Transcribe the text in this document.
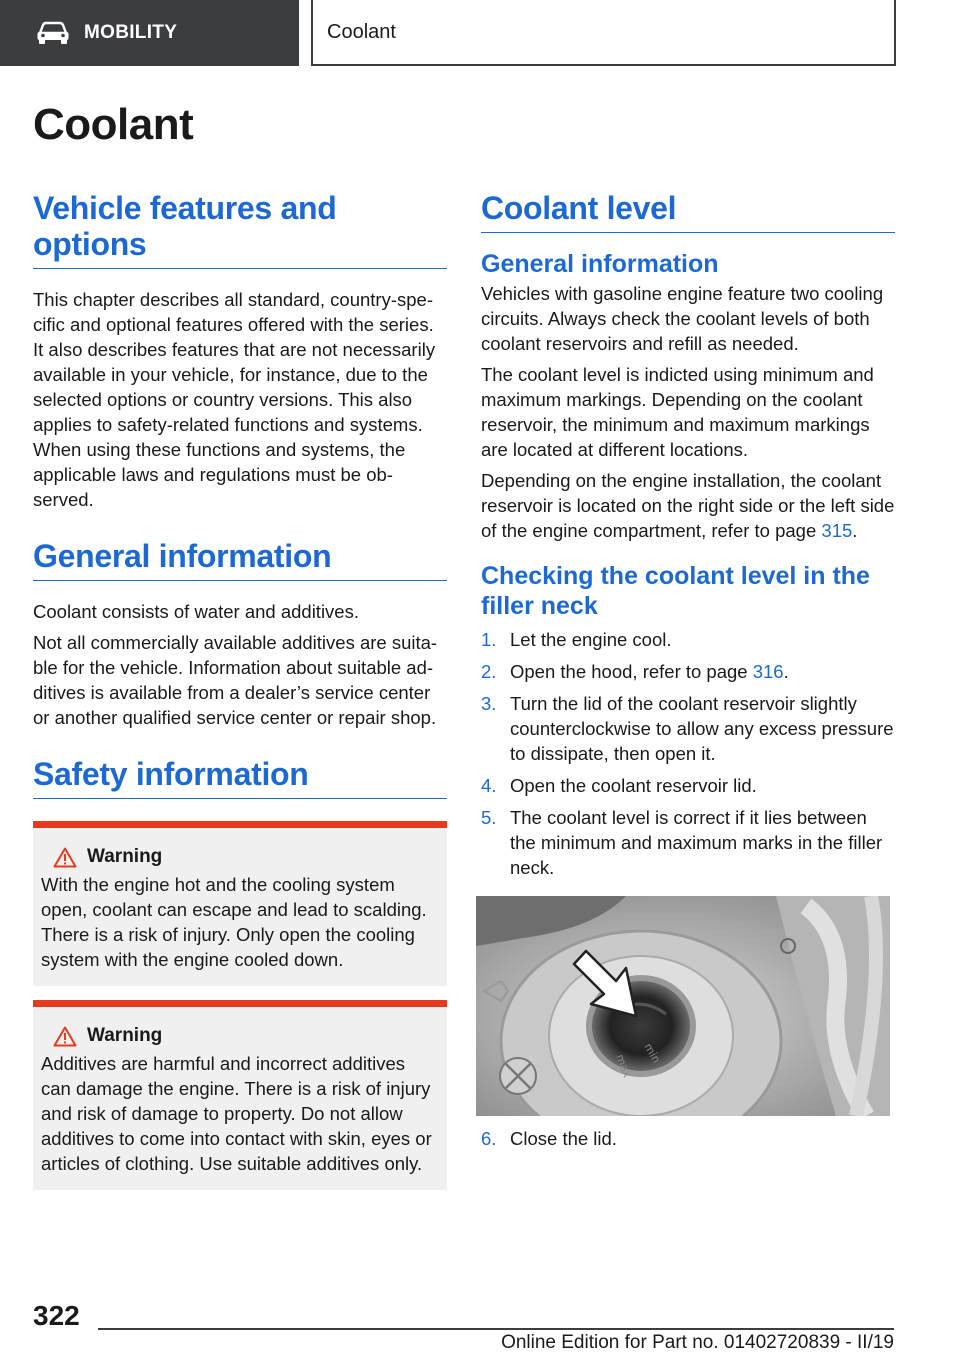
MOBILITY	Coolant
Coolant
Vehicle features and options

This chapter describes all standard, country-specific and optional features offered with the series. It also describes features that are not necessarily available in your vehicle, for instance, due to the selected options or country versions. This also applies to safety-related functions and systems. When using these functions and systems, the applicable laws and regulations must be observed.

General information

Coolant consists of water and additives.

Not all commercially available additives are suitable for the vehicle. Information about suitable additives is available from a dealer’s service center or another qualified service center or repair shop.

Safety information
Warning

With the engine hot and the cooling system open, coolant can escape and lead to scalding. There is a risk of injury. Only open the cooling system with the engine cooled down.

Warning

Additives are harmful and incorrect additives can damage the engine. There is a risk of injury and risk of damage to property. Do not allow additives to come into contact with skin, eyes or articles of clothing. Use suitable additives only.

Coolant level
General information

Vehicles with gasoline engine feature two cooling circuits. Always check the coolant levels of both coolant reservoirs and refill as needed.

The coolant level is indicted using minimum and maximum markings. Depending on the coolant reservoir, the minimum and maximum markings are located at different locations.

Depending on the engine installation, the coolant reservoir is located on the right side or the left side of the engine compartment, refer to page 315.

Checking the coolant level in the filler neck
1. Let the engine cool.
2. Open the hood, refer to page 316.
3. Turn the lid of the coolant reservoir slightly counterclockwise to allow any excess pressure to dissipate, then open it.
4. Open the coolant reservoir lid.
5. The coolant level is correct if it lies between the minimum and maximum marks in the filler neck.
min
max
6. Close the lid.
322
Online Edition for Part no. 01402720839 - II/19
